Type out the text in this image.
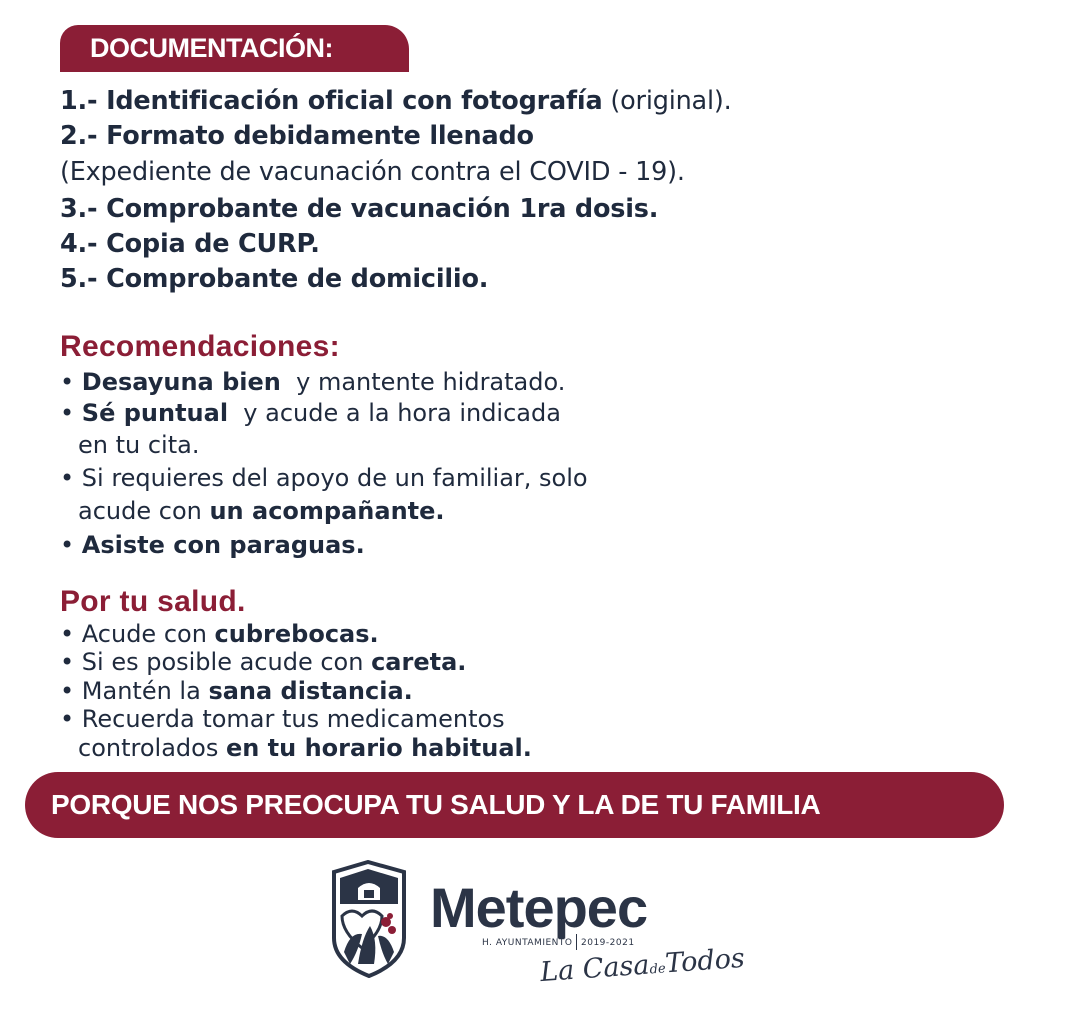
DOCUMENTACIÓN:
1.- Identificación oficial con fotografía (original).
2.- Formato debidamente llenado
(Expediente de vacunación contra el COVID - 19).
3.- Comprobante de vacunación 1ra dosis.
4.- Copia de CURP.
5.- Comprobante de domicilio.
Recomendaciones:
• Desayuna bien  y mantente hidratado.
• Sé puntual  y acude a la hora indicada
en tu cita.
• Si requieres del apoyo de un familiar, solo
acude con un acompañante.
• Asiste con paraguas.
Por tu salud.
• Acude con cubrebocas.
• Si es posible acude con careta.
• Mantén la sana distancia.
• Recuerda tomar tus medicamentos
controlados en tu horario habitual.
PORQUE NOS PREOCUPA TU SALUD Y LA DE TU FAMILIA
Metepec
H. AYUNTAMIENTO 2019-2021
La CasadeTodos
